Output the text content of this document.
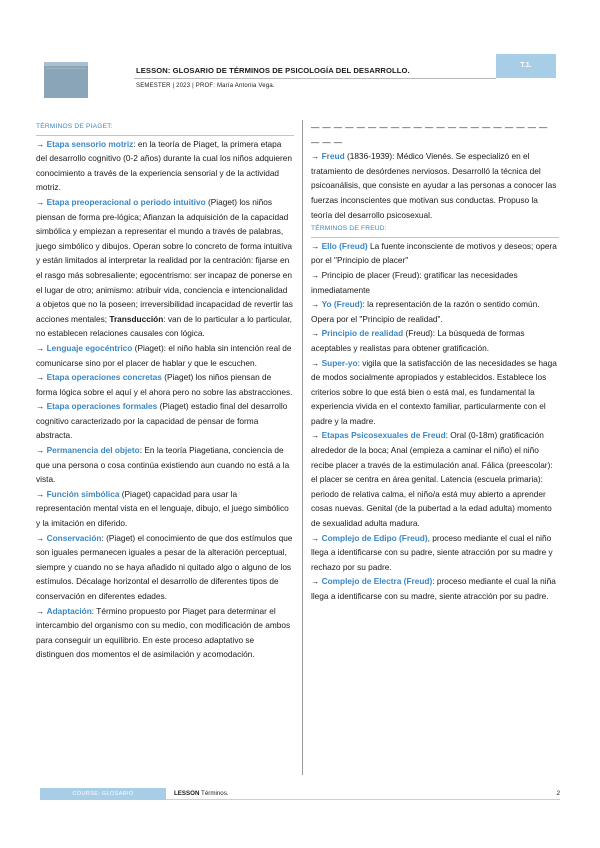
LESSON: GLOSARIO DE TÉRMINOS DE PSICOLOGÍA DEL DESARROLLO.
SEMESTER | 2023 | PROF: María Antonia Vega.
T.1.
TÉRMINOS DE PIAGET:

→ Etapa sensorio motriz: en la teoría de Piaget, la primera etapa del desarrollo cognitivo (0-2 años) durante la cual los niños adquieren conocimiento a través de la experiencia sensorial y de la actividad motriz.

→ Etapa preoperacional o periodo intuitivo (Piaget) los niños piensan de forma pre-lógica; Afianzan la adquisición de la capacidad simbólica y empiezan a representar el mundo a través de palabras, juego simbólico y dibujos. Operan sobre lo concreto de forma intuitiva y están limitados al interpretar la realidad por la centración: fijarse en el rasgo más sobresaliente; egocentrismo: ser incapaz de ponerse en el lugar de otro; animismo: atribuir vida, conciencia e intencionalidad a objetos que no la poseen; irreversibilidad incapacidad de revertir las acciones mentales; Transducción: van de lo particular a lo particular, no establecen relaciones causales con lógica.

→ Lenguaje egocéntrico (Piaget): el niño habla sin intención real de comunicarse sino por el placer de hablar y que le escuchen.

→ Etapa operaciones concretas (Piaget) los niños piensan de forma lógica sobre el aquí y el ahora pero no sobre las abstracciones.

→ Etapa operaciones formales (Piaget) estadio final del desarrollo cognitivo caracterizado por la capacidad de pensar de forma abstracta.

→ Permanencia del objeto: En la teoría Piagetiana, conciencia de que una persona o cosa continúa existiendo aun cuando no está a la vista.

→ Función simbólica (Piaget) capacidad para usar la representación mental vista en el lenguaje, dibujo, el juego simbólico y la imitación en diferido.

→ Conservación: (Piaget) el conocimiento de que dos estímulos que son iguales permanecen iguales a pesar de la alteración perceptual, siempre y cuando no se haya añadido ni quitado algo o alguno de los estímulos. Décalage horizontal el desarrollo de diferentes tipos de conservación en diferentes edades.

→ Adaptación: Término propuesto por Piaget para determinar el intercambio del organismo con su medio, con modificación de ambos para conseguir un equilibrio. En este proceso adaptativo se distinguen dos momentos el de asimilación y acomodación.

— — — — — — — — — — — — — — — — — — — — — — — —

→ Freud (1836-1939): Médico Vienés. Se especializó en el tratamiento de desórdenes nerviosos. Desarrolló la técnica del psicoanálisis, que consiste en ayudar a las personas a conocer las fuerzas inconscientes que motivan sus conductas. Propuso la teoría del desarrollo psicosexual.

TÉRMINOS DE FREUD:

→ Ello (Freud) La fuente inconsciente de motivos y deseos; opera por el "Principio de placer"

→ Principio de placer (Freud): gratificar las necesidades inmediatamente

→ Yo (Freud): la representación de la razón o sentido común. Opera por el "Principio de realidad".

→ Principio de realidad (Freud): La búsqueda de formas aceptables y realistas para obtener gratificación.

→ Super-yo: vigila que la satisfacción de las necesidades se haga de modos socialmente apropiados y establecidos. Establece los criterios sobre lo que está bien o está mal, es fundamental la experiencia vivida en el contexto familiar, particularmente con el padre y la madre.

→ Etapas Psicosexuales de Freud: Oral (0-18m) gratificación alrededor de la boca; Anal (empieza a caminar el niño) el niño recibe placer a través de la estimulación anal. Fálica (preescolar): el placer se centra en área genital. Latencia (escuela primaria): periodo de relativa calma, el niño/a está muy abierto a aprender cosas nuevas. Genital (de la pubertad a la edad adulta) momento de sexualidad adulta madura.

→ Complejo de Edipo (Freud), proceso mediante el cual el niño llega a identificarse con su padre, siente atracción por su madre y rechazo por su padre.

→ Complejo de Electra (Freud): proceso mediante el cual la niña llega a identificarse con su madre, siente atracción por su padre.

COURSE: GLOSARIO	LESSON Términos.	2
